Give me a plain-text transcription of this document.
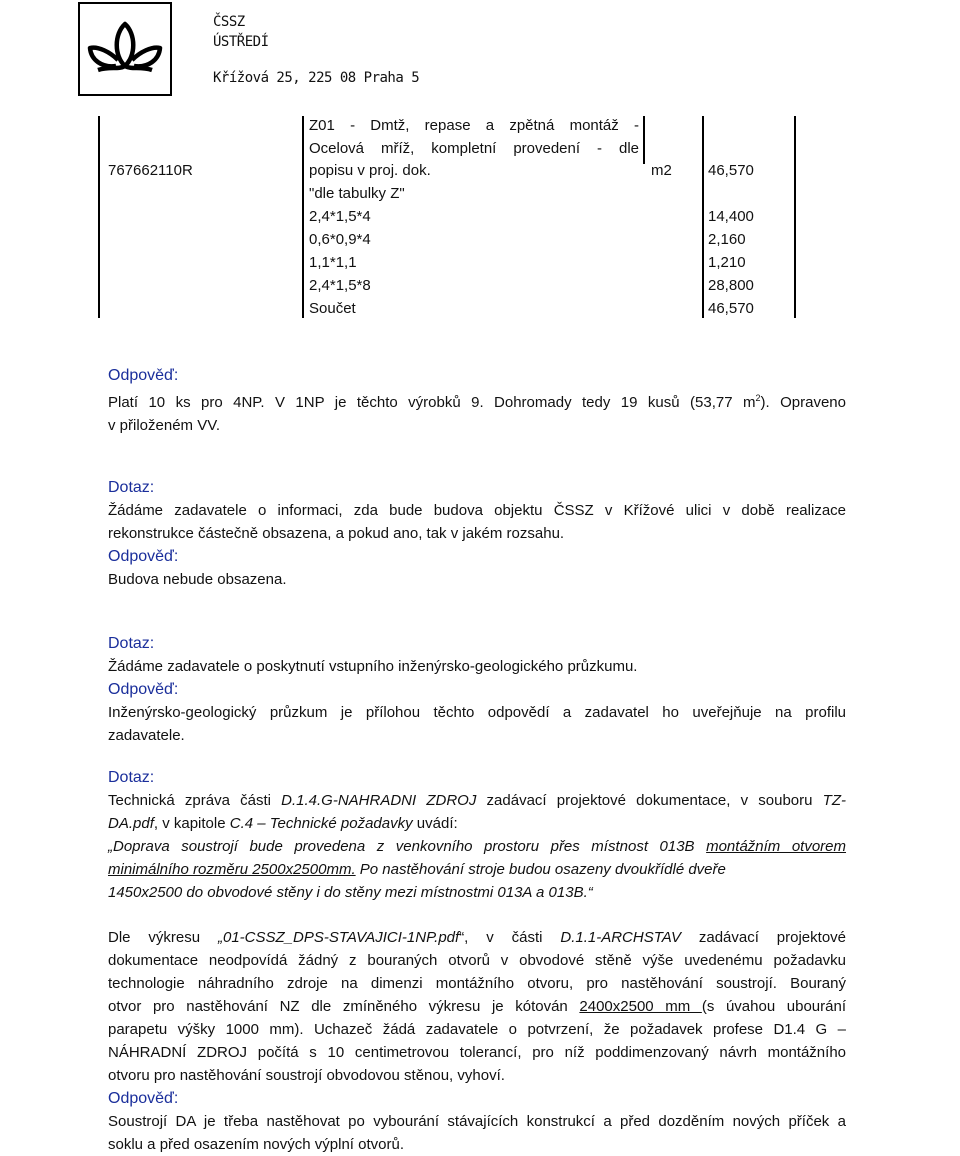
ČSSZ
ÚSTŘEDÍ
Křížová 25, 225 08 Praha 5
767662110R
Z01 - Dmtž, repase a zpětná montáž -
Ocelová mříž, kompletní provedení - dle
popisu v proj. dok.	m2 46,570
"dle tabulky Z"
2,4*1,5*4	14,400
0,6*0,9*4	2,160
1,1*1,1	1,210
2,4*1,5*8	28,800
Součet	46,570
Odpověď:
Platí 10 ks pro 4NP. V 1NP je těchto výrobků 9. Dohromady tedy 19 kusů (53,77 $m^2$). Opraveno
v přiloženém VV.
Dotaz:
Žádáme zadavatele o informaci, zda bude budova objektu ČSSZ v Křížové ulici v době realizace
rekonstrukce částečně obsazena, a pokud ano, tak v jakém rozsahu.
Odpověď:
Budova nebude obsazena.
Dotaz:
Žádáme zadavatele o poskytnutí vstupního inženýrsko-geologického průzkumu.
Odpověď:
Inženýrsko-geologický průzkum je přílohou těchto odpovědí a zadavatel ho uveřejňuje na profilu
zadavatele.
Dotaz:
Technická zpráva části D.1.4.G-NAHRADNI ZDROJ zadávací projektové dokumentace, v souboru TZ-
DA.pdf, v kapitole C.4 – Technické požadavky uvádí:
„Doprava soustrojí bude provedena z venkovního prostoru přes místnost 013B montážním otvorem
minimálního rozměru 2500x2500mm. Po nastěhování stroje budou osazeny dvoukřídlé dveře
1450x2500 do obvodové stěny i do stěny mezi místnostmi 013A a 013B.“
Dle výkresu „01-CSSZ_DPS-STAVAJICI-1NP.pdf“, v části D.1.1-ARCHSTAV zadávací projektové
dokumentace neodpovídá žádný z bouraných otvorů v obvodové stěně výše uvedenému požadavku
technologie náhradního zdroje na dimenzi montážního otvoru, pro nastěhování soustrojí. Bouraný
otvor pro nastěhování NZ dle zmíněného výkresu je kótován 2400x2500 mm (s úvahou ubourání
parapetu výšky 1000 mm). Uchazeč žádá zadavatele o potvrzení, že požadavek profese D1.4 G –
NÁHRADNÍ ZDROJ počítá s 10 centimetrovou tolerancí, pro níž poddimenzovaný návrh montážního
otvoru pro nastěhování soustrojí obvodovou stěnou, vyhoví.
Odpověď:
Soustrojí DA je třeba nastěhovat po vybourání stávajících konstrukcí a před dozděním nových příček a
soklu a před osazením nových výplní otvorů.
